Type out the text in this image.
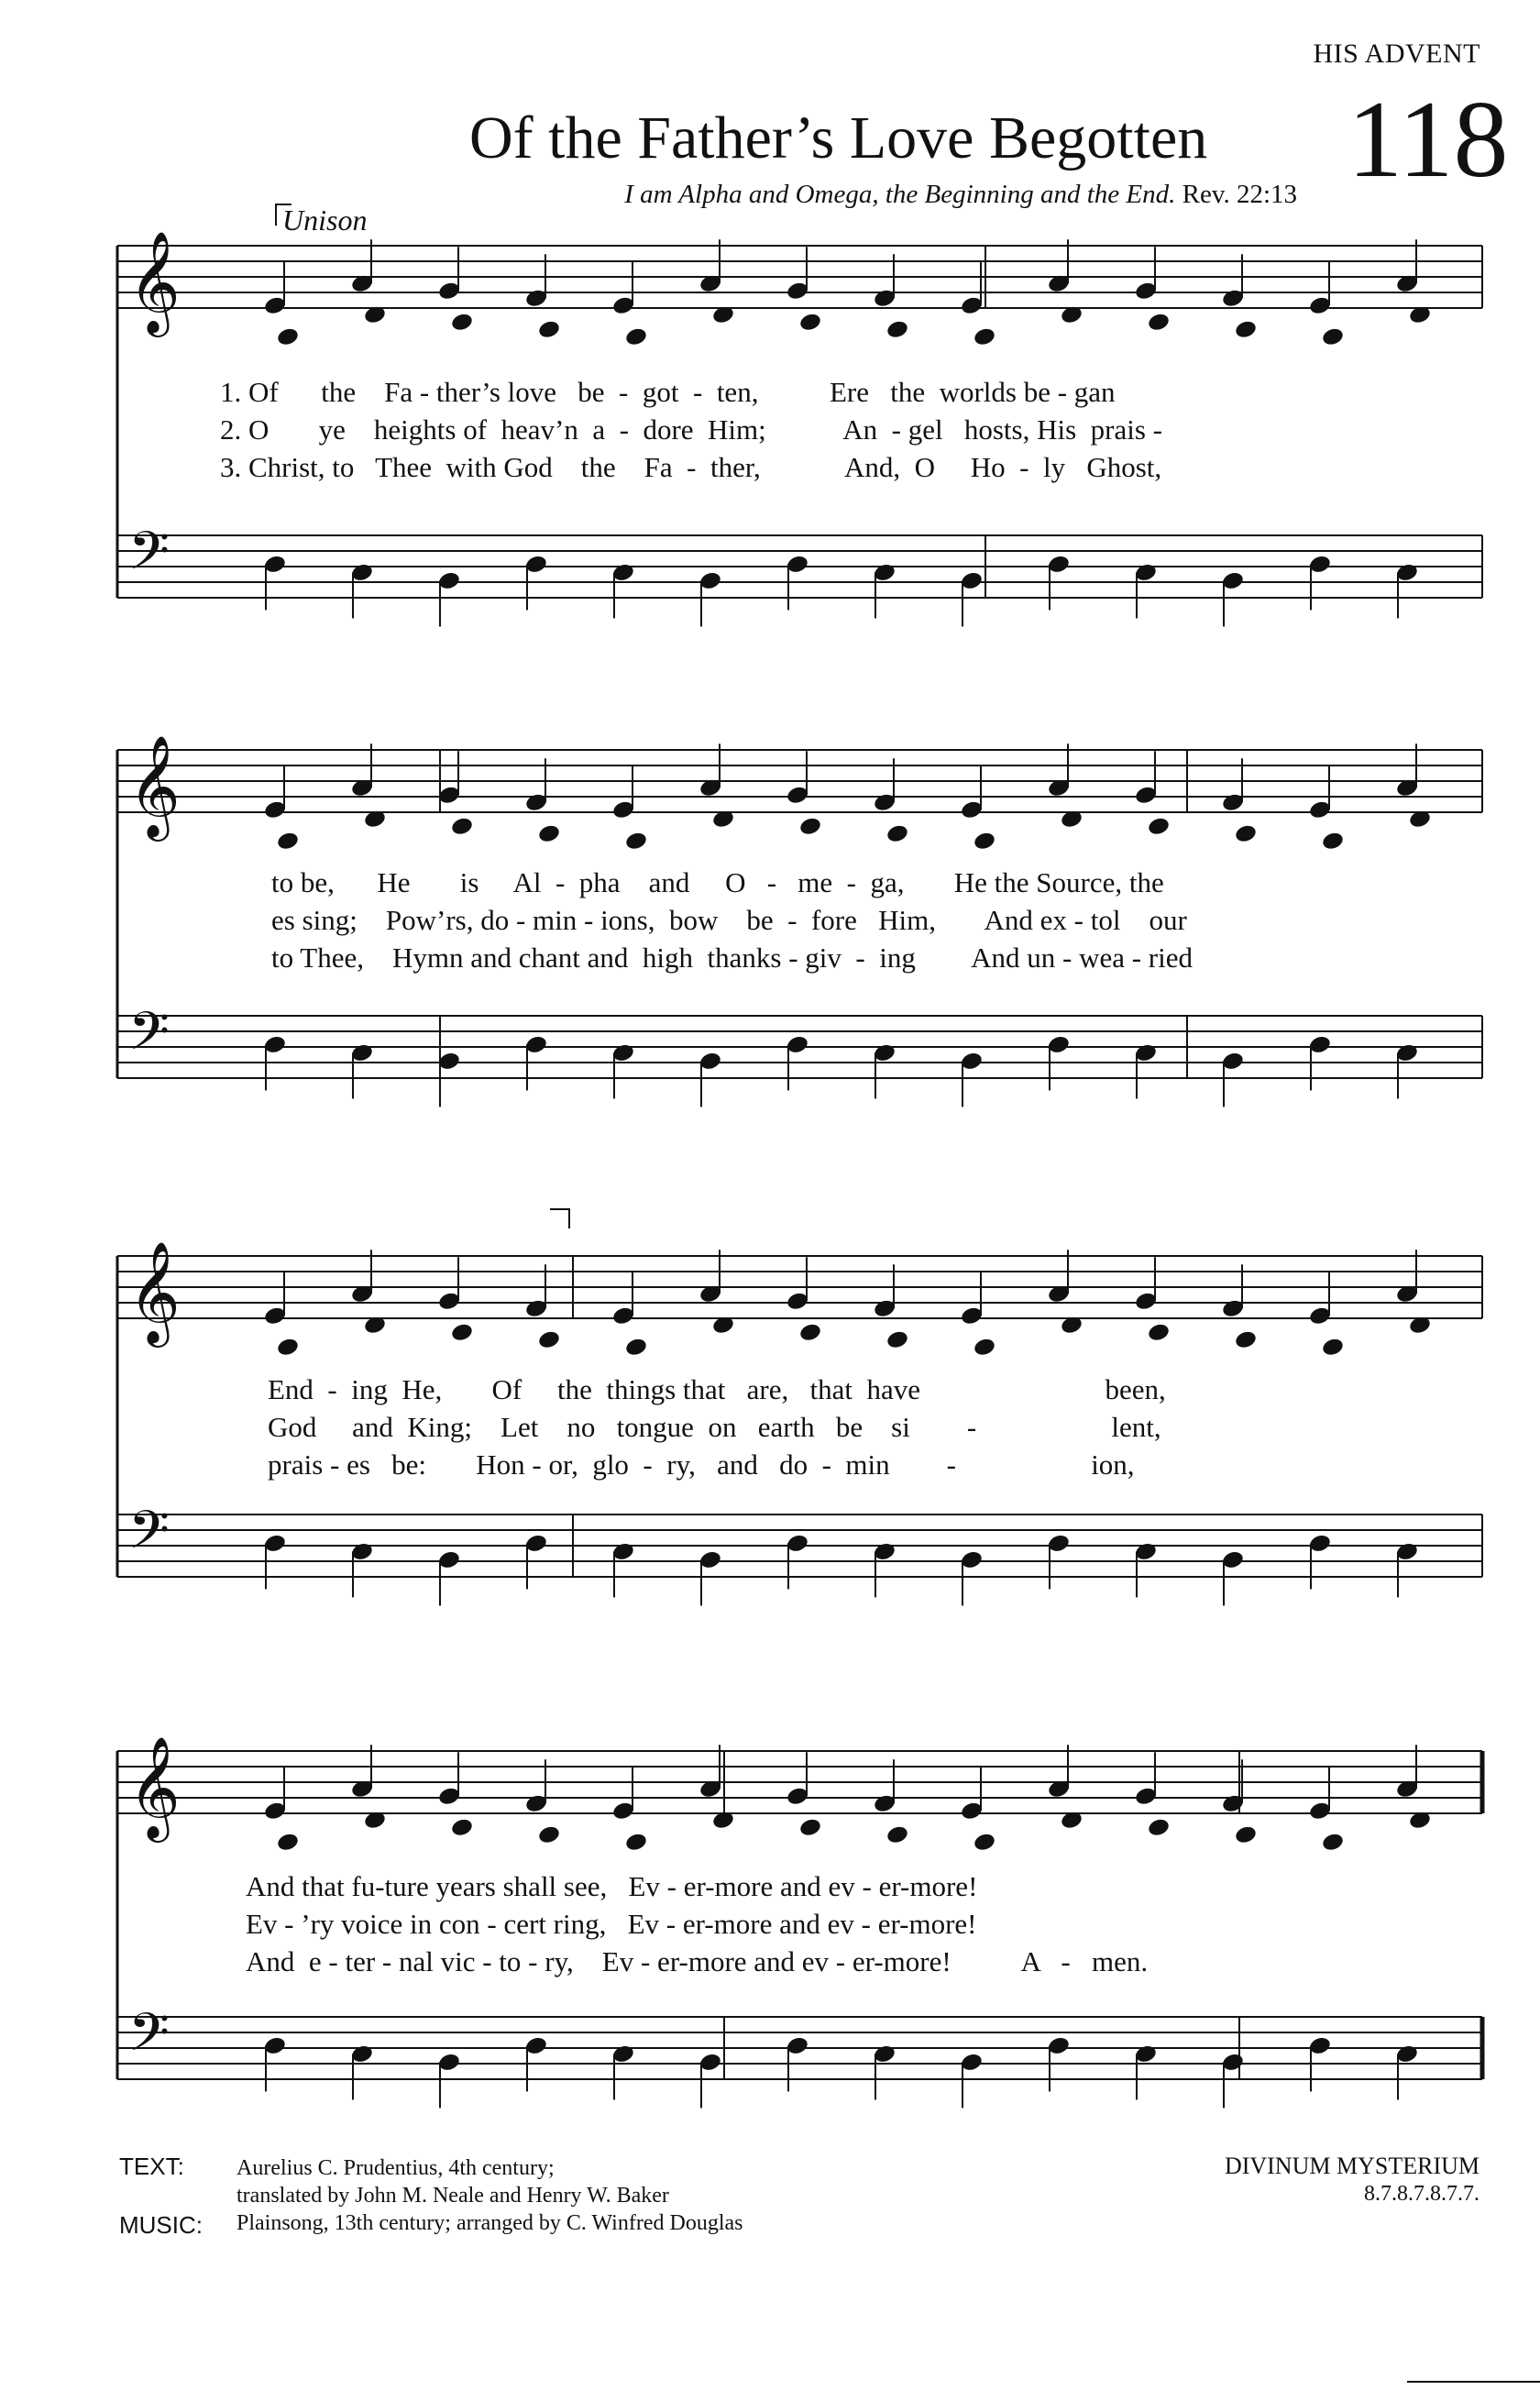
HIS ADVENT
Of the Father’s Love Begotten 118
I am Alpha and Omega, the Beginning and the End. Rev. 22:13
Unison
𝄞
𝄢
𝄞
𝄢
𝄞
𝄢
𝄞
𝄢
1. Of      the    Fa - ther’s love   be  -  got  -  ten,          Ere   the  worlds be - gan
2. O       ye    heights of  heav’n  a  -  dore  Him;           An  - gel   hosts, His  prais -
3. Christ, to   Thee  with God    the    Fa  -  ther,            And,  O     Ho  -  ly   Ghost,
to be,      He       is     Al  -  pha    and     O   -   me  -  ga,       He the Source, the
es sing;    Pow’rs, do - min - ions,  bow    be  -  fore   Him,       And ex - tol    our
to Thee,    Hymn and chant and  high  thanks - giv  -  ing        And un - wea - ried
End  -  ing  He,       Of     the  things that   are,   that  have                          been,
God     and  King;    Let    no   tongue  on   earth   be    si        -                   lent,
prais - es   be:       Hon - or,  glo  -  ry,   and   do  -  min        -                   ion,
And that fu-ture years shall see,   Ev - er-more and ev - er-more!
Ev - ’ry voice in con - cert ring,   Ev - er-more and ev - er-more!
And  e - ter - nal vic - to - ry,    Ev - er-more and ev - er-more!          A   -   men.
TEXT: Aurelius C. Prudentius, 4th century;
translated by John M. Neale and Henry W. Baker
MUSIC: Plainsong, 13th century; arranged by C. Winfred Douglas
DIVINUM MYSTERIUM
8.7.8.7.8.7.7.
